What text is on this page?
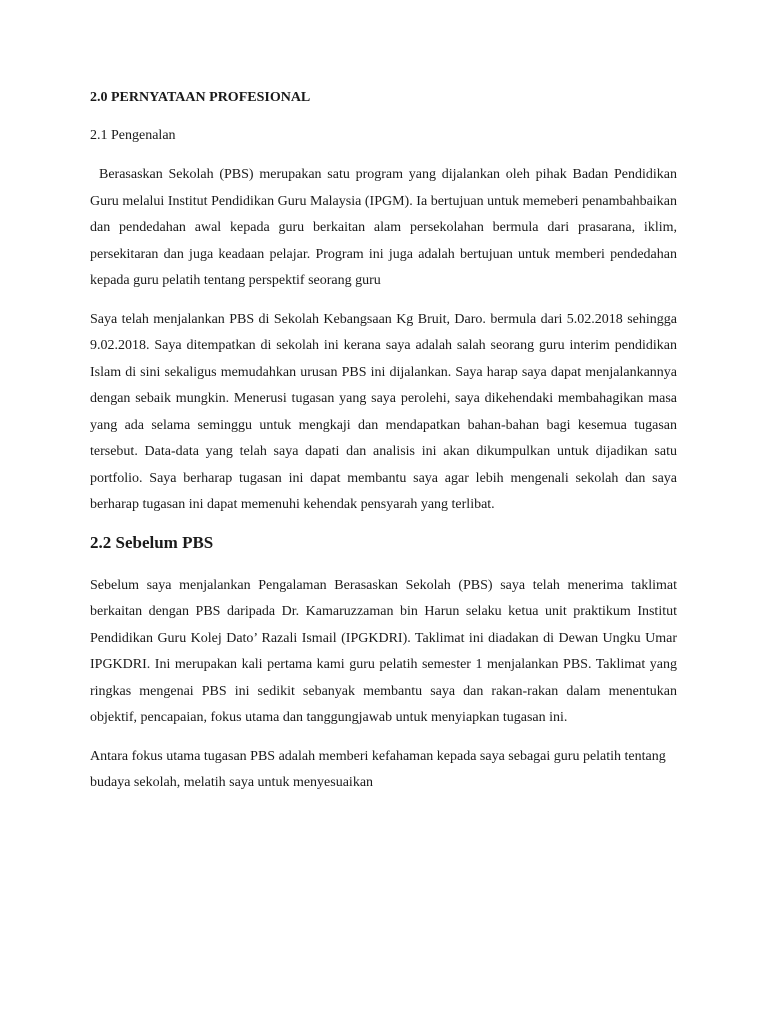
2.0 PERNYATAAN PROFESIONAL
2.1 Pengenalan

Berasaskan Sekolah (PBS) merupakan satu program yang dijalankan oleh pihak Badan Pendidikan Guru melalui Institut Pendidikan Guru Malaysia (IPGM). Ia bertujuan untuk memeberi penambahbaikan dan pendedahan awal kepada guru berkaitan alam persekolahan bermula dari prasarana, iklim, persekitaran dan juga keadaan pelajar. Program ini juga adalah bertujuan untuk memberi pendedahan kepada guru pelatih tentang perspektif seorang guru

Saya telah menjalankan PBS di Sekolah Kebangsaan Kg Bruit, Daro. bermula dari 5.02.2018 sehingga 9.02.2018. Saya ditempatkan di sekolah ini kerana saya adalah salah seorang guru interim pendidikan Islam di sini sekaligus memudahkan urusan PBS ini dijalankan. Saya harap saya dapat menjalankannya dengan sebaik mungkin. Menerusi tugasan yang saya perolehi, saya dikehendaki membahagikan masa yang ada selama seminggu untuk mengkaji dan mendapatkan bahan-bahan bagi kesemua tugasan tersebut. Data-data yang telah saya dapati dan analisis ini akan dikumpulkan untuk dijadikan satu portfolio. Saya berharap tugasan ini dapat membantu saya agar lebih mengenali sekolah dan saya berharap tugasan ini dapat memenuhi kehendak pensyarah yang terlibat.

2.2 Sebelum PBS

Sebelum saya menjalankan Pengalaman Berasaskan Sekolah (PBS) saya telah menerima taklimat berkaitan dengan PBS daripada Dr. Kamaruzzaman bin Harun selaku ketua unit praktikum Institut Pendidikan Guru Kolej Dato’ Razali Ismail (IPGKDRI). Taklimat ini diadakan di Dewan Ungku Umar IPGKDRI. Ini merupakan kali pertama kami guru pelatih semester 1 menjalankan PBS. Taklimat yang ringkas mengenai PBS ini sedikit sebanyak membantu saya dan rakan-rakan dalam menentukan objektif, pencapaian, fokus utama dan tanggungjawab untuk menyiapkan tugasan ini.

Antara fokus utama tugasan PBS adalah memberi kefahaman kepada saya sebagai guru pelatih tentang budaya sekolah, melatih saya untuk menyesuaikan
